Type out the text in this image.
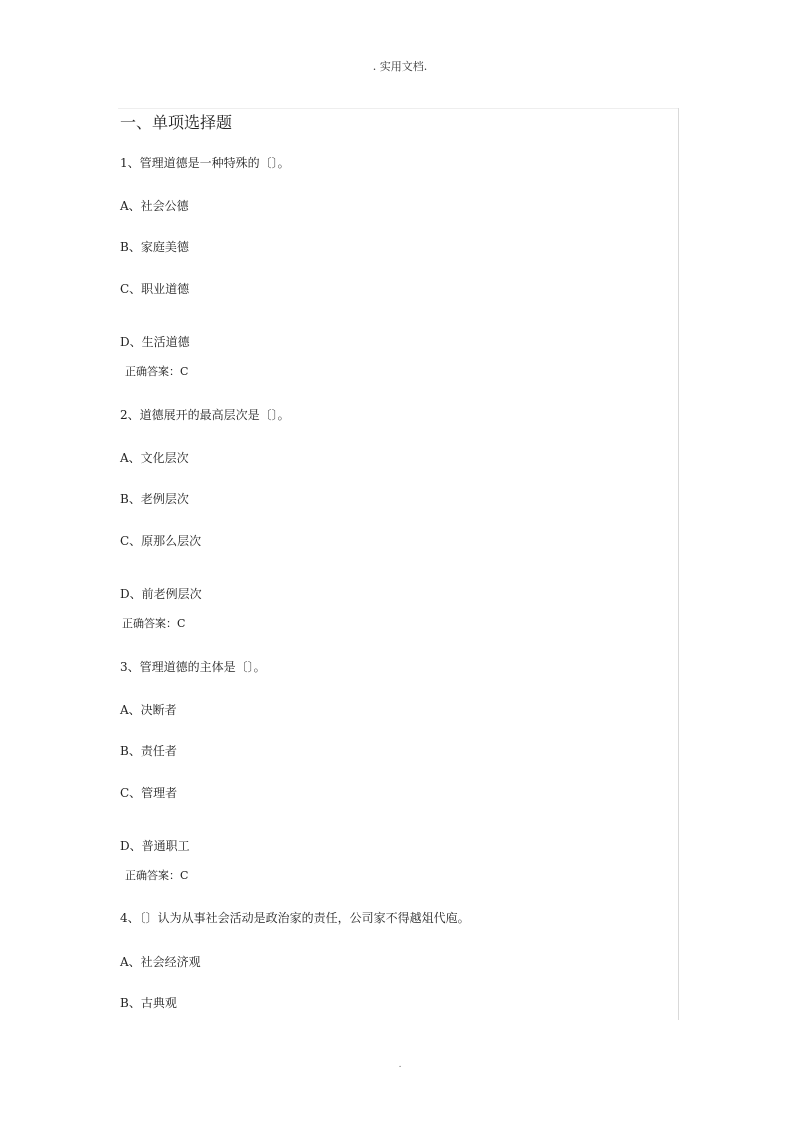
. 实用文档.
一、单项选择题
1、管理道德是一种特殊的〔〕。
A、社会公德
B、家庭美德
C、职业道德
D、生活道德
正确答案：C
2、道德展开的最高层次是〔〕。
A、文化层次
B、老例层次
C、原那么层次
D、前老例层次
正确答案：C
3、管理道德的主体是〔〕。
A、决断者
B、责任者
C、管理者
D、普通职工
正确答案：C
4、〔〕认为从事社会活动是政治家的责任，公司家不得越俎代庖。
A、社会经济观
B、古典观
.
